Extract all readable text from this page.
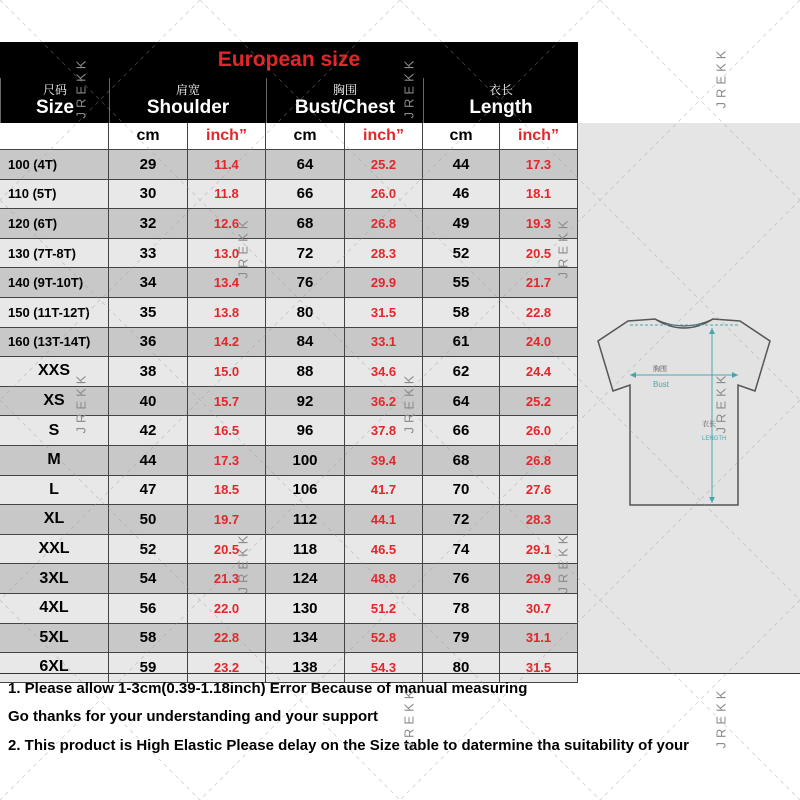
European size
尺码
Size
肩宽
Shoulder
胸围
Bust/Chest
衣长
Length
cm	inch”	cm	inch”	cm	inch”
100 (4T)	29	11.4	64	25.2	44	17.3
110 (5T)	30	11.8	66	26.0	46	18.1
120 (6T)	32	12.6	68	26.8	49	19.3
130 (7T-8T)	33	13.0	72	28.3	52	20.5
140 (9T-10T)	34	13.4	76	29.9	55	21.7
150 (11T-12T)	35	13.8	80	31.5	58	22.8
160 (13T-14T)	36	14.2	84	33.1	61	24.0
XXS	38	15.0	88	34.6	62	24.4
XS	40	15.7	92	36.2	64	25.2
S	42	16.5	96	37.8	66	26.0
M	44	17.3	100	39.4	68	26.8
L	47	18.5	106	41.7	70	27.6
XL	50	19.7	112	44.1	72	28.3
XXL	52	20.5	118	46.5	74	29.1
3XL	54	21.3	124	48.8	76	29.9
4XL	56	22.0	130	51.2	78	30.7
5XL	58	22.8	134	52.8	79	31.1
6XL	59	23.2	138	54.3	80	31.5
胸围
Bust
衣长
LENGTH
1. Please allow 1-3cm(0.39-1.18inch) Error Because of manual measuring
Go thanks for your understanding and your support
2. This product is High Elastic Please delay on the Size table to datermine tha suitability of your
JREKK	JREKK	JREKK
JREKK	JREKK
JREKK	JREKK	JREKK
JREKK	JREKK
JREKK	JREKK
